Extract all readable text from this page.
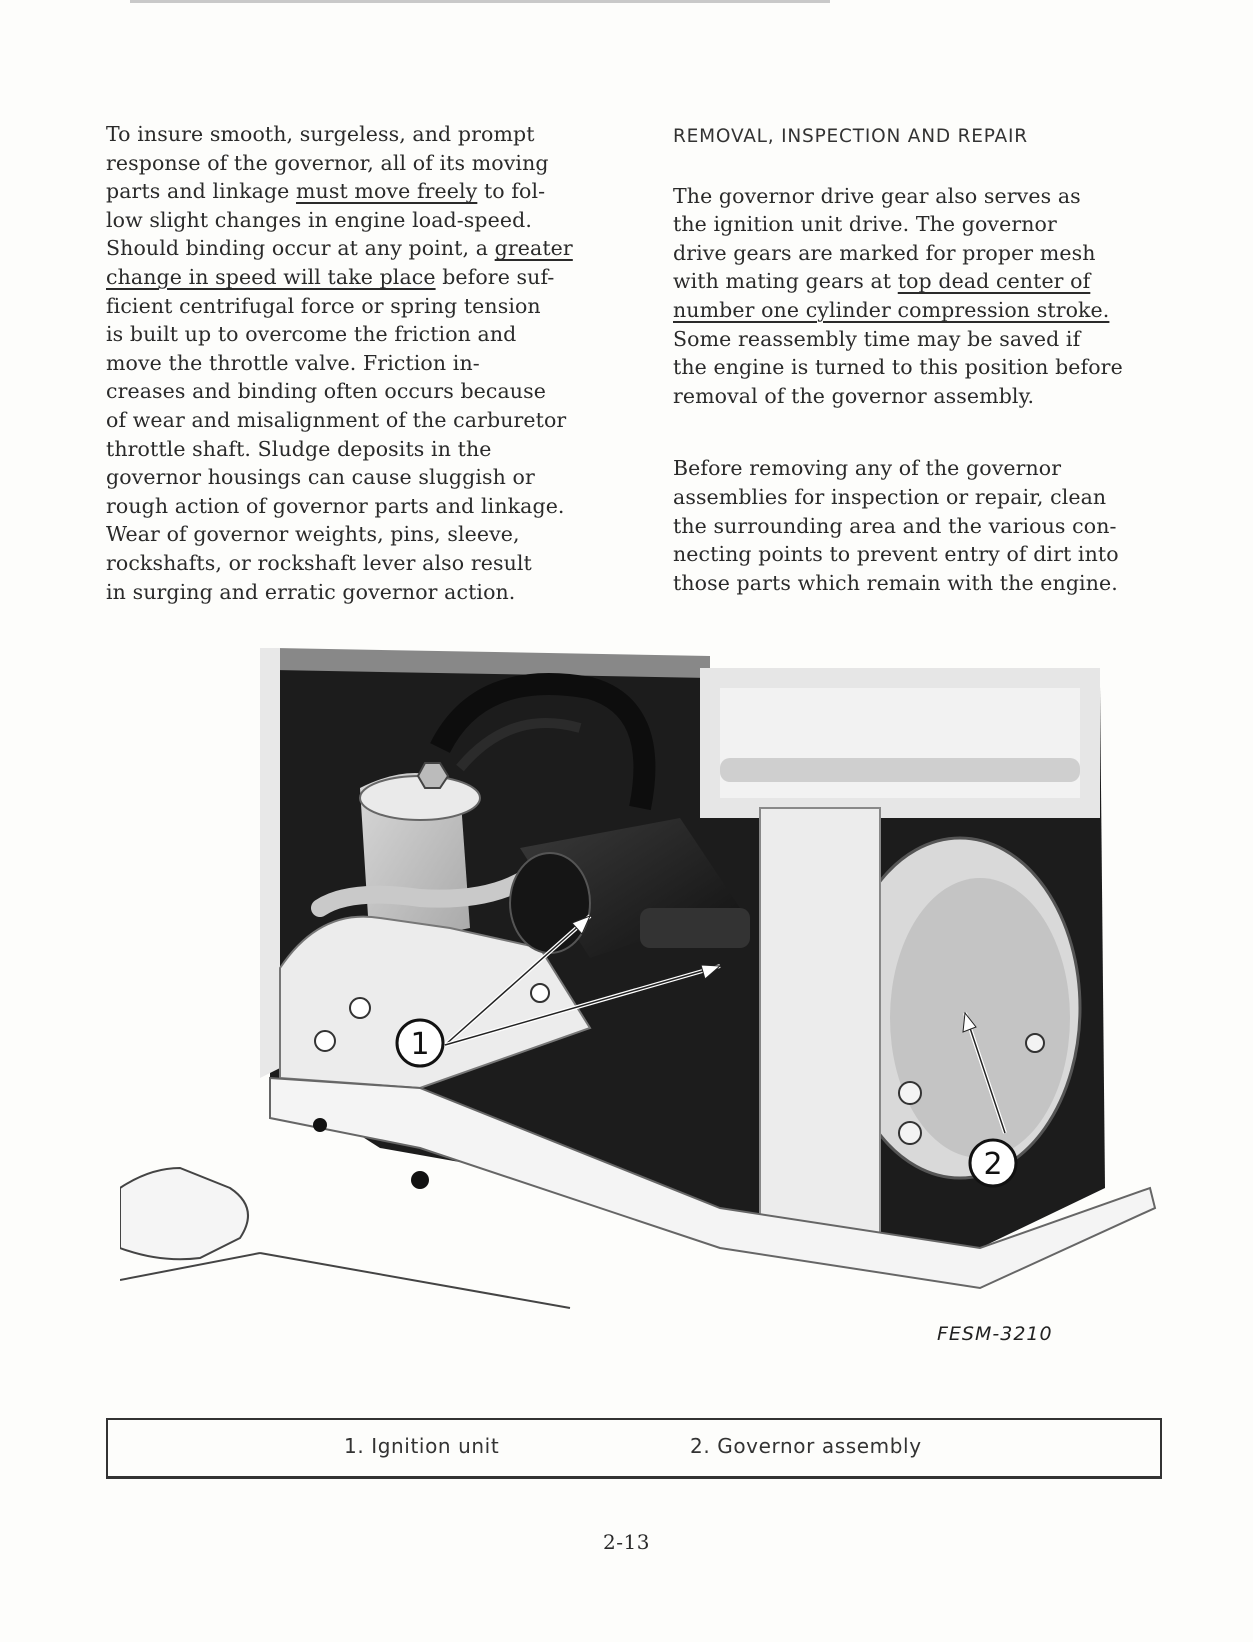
To insure smooth, surgeless, and prompt
response of the governor, all of its moving
parts and linkage must move freely to fol-
low slight changes in engine load-speed.
Should binding occur at any point, a greater
change in speed will take place before suf-
ficient centrifugal force or spring tension
is built up to overcome the friction and
move the throttle valve. Friction in-
creases and binding often occurs because
of wear and misalignment of the carburetor
throttle shaft. Sludge deposits in the
governor housings can cause sluggish or
rough action of governor parts and linkage.
Wear of governor weights, pins, sleeve,
rockshafts, or rockshaft lever also result
in surging and erratic governor action.
REMOVAL, INSPECTION AND REPAIR
The governor drive gear also serves as
the ignition unit drive. The governor
drive gears are marked for proper mesh
with mating gears at top dead center of
number one cylinder compression stroke.
Some reassembly time may be saved if
the engine is turned to this position before
removal of the governor assembly.
Before removing any of the governor
assemblies for inspection or repair, clean
the surrounding area and the various con-
necting points to prevent entry of dirt into
those parts which remain with the engine.
1
2
FESM-3210
1. Ignition unit	2. Governor assembly
2-13
